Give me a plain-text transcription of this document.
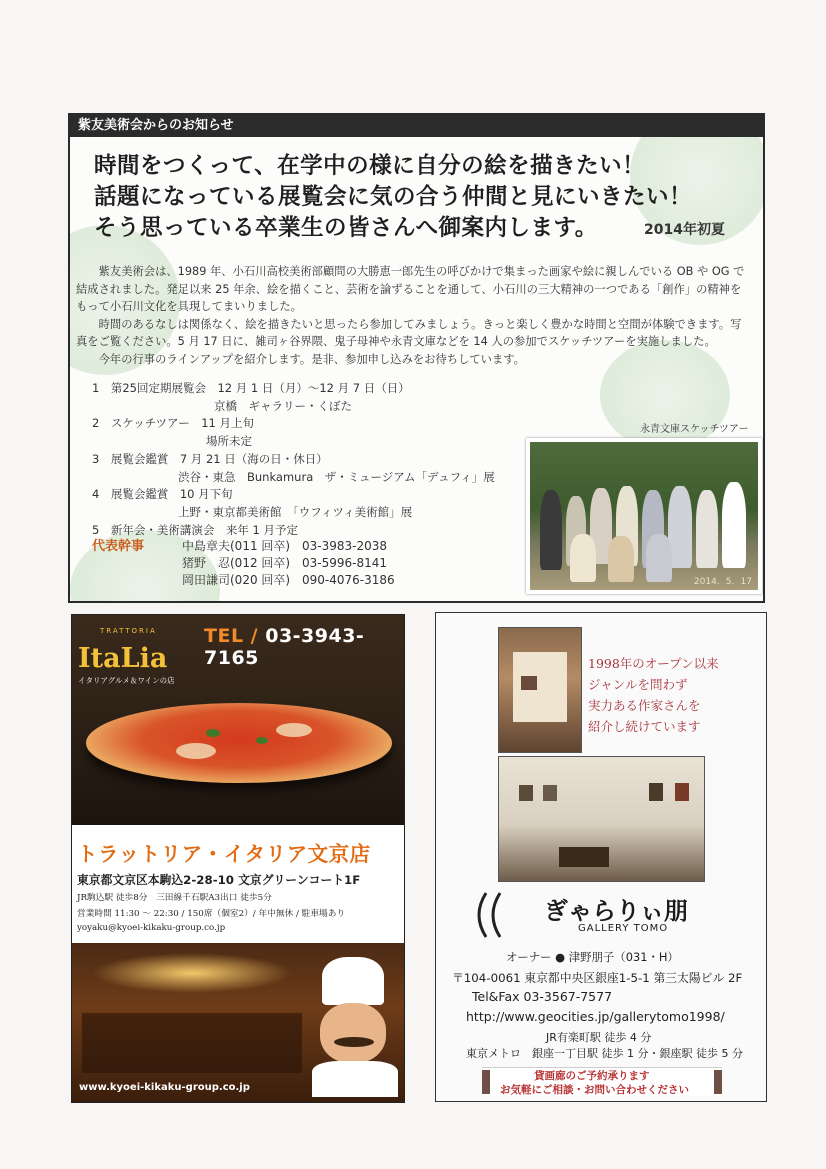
紫友美術会からのお知らせ
時間をつくって、在学中の様に自分の絵を描きたい！
話題になっている展覧会に気の合う仲間と見にいきたい！
そう思っている卒業生の皆さんへ御案内します。	2014年初夏

紫友美術会は、1989 年、小石川高校美術部顧問の大勝恵一郎先生の呼びかけで集まった画家や絵に親しんでいる OB や OG で結成されました。発足以来 25 年余、絵を描くこと、芸術を論ずることを通して、小石川の三大精神の一つである「創作」の精神をもって小石川文化を具現してまいりました。

時間のあるなしは関係なく、絵を描きたいと思ったら参加してみましょう。きっと楽しく豊かな時間と空間が体験できます。写真をご覧ください。5 月 17 日に、雑司ヶ谷界隈、鬼子母神や永青文庫などを 14 人の参加でスケッチツアーを実施しました。

今年の行事のラインアップを紹介します。是非、参加申し込みをお待ちしています。

1　第25回定期展覧会　12 月 1 日（月）～12 月 7 日（日）
京橋　ギャラリー・くぼた
2　スケッチツアー　11 月上旬
場所未定
3　展覧会鑑賞　7 月 21 日（海の日・休日）
渋谷・東急　Bunkamura　ザ・ミュージアム「デュフィ」展
4　展覧会鑑賞　10 月下旬
上野・東京都美術館　「ウフィツィ美術館」展
5　新年会・美術講演会　来年 1 月予定
代表幹事	中島章夫(011 回卒) 03-3983-2038
猪野　忍(012 回卒) 03-5996-8141
岡田謙司(020 回卒) 090-4076-3186
永青文庫スケッチツアー
2014．5．17
TRATTORIA TEL / 03-3943-7165
ItaLia
イタリアグルメ＆ワインの店
トラットリア・イタリア文京店
東京都文京区本駒込2-28-10 文京グリーンコート1F
JR駒込駅 徒歩8分　三田線千石駅A3出口 徒歩5分
営業時間 11:30 ～ 22:30 / 150席（個室2）/ 年中無休 / 駐車場あり
yoyaku@kyoei-kikaku-group.co.jp
www.kyoei-kikaku-group.co.jp
1998年のオープン以来
ジャンルを問わず
実力ある作家さんを
紹介し続けています
ぎゃらりぃ朋
GALLERY TOMO
オーナー ● 津野朋子（031・H）
〒104-0061 東京都中央区銀座1-5-1 第三太陽ビル 2F
Tel&Fax 03-3567-7577
http://www.geocities.jp/gallerytomo1998/
JR有楽町駅 徒歩 4 分
東京メトロ　銀座一丁目駅 徒歩 1 分・銀座駅 徒歩 5 分
貸画廊のご予約承ります
お気軽にご相談・お問い合わせください
